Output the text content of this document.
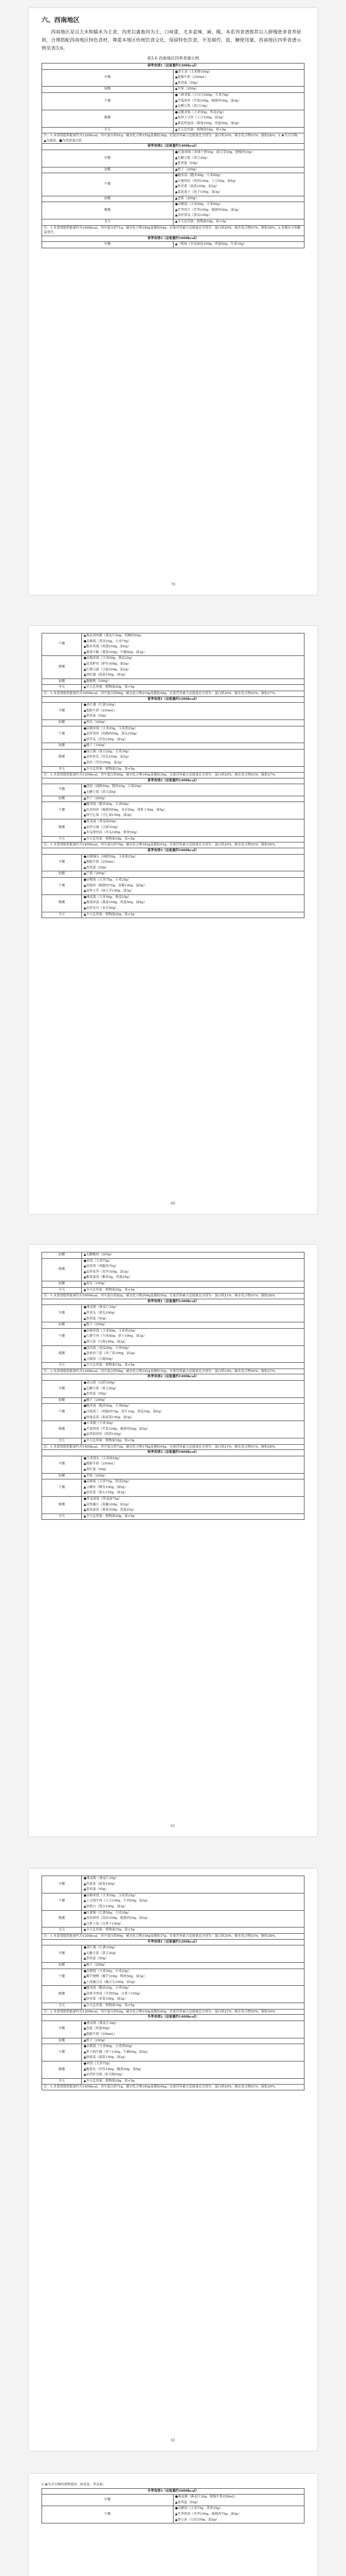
六、西南地区

西南地区是以大米和糯米为主食，肉类以禽畜肉为主，口味重，尤多姜辣、麻、酸。本系列食谱推荐以人群慢患者食养原则，合理搭配西南地区特色食材，尊重本地区传统饮食文化，保留特色饮食，开发制作，盐、糖使用量。西南地区四季食谱示例见表3.6。

表3.6 西南地区四季食谱示例
春季食谱1（总能量约1200kcal）	
早餐	●蒸玉米（玉米棒100g）
▲脱脂牛奶（250mL）
▲煮鸡蛋（50g）

加餐	▲苹果（200g）

午餐	●三鲜米饭（小白豆200g，大米70g）
▲芹菜肉丝（芹菜100g，瘦猪肉50g，油3g）
▲无糖豆浆（黄豆10g）

晚餐	●杂粮米饭（大米50g，荞麦25g）
▲炝炒土豆丝（土豆100g，油3g）
▲番茄鸡蛋汤（番茄100g，鸡蛋50g，油3g）

全天	▲全天总用量：植物油16g，盐<5g

注：1.本食谱提供能量约为1200kcal，其中蛋白质61g，碳水化合物155g及脂肪38g；宏量营养素占总能量比分别为：蛋白质20%，碳水化合物53%，脂肪28%。2.★为全谷物；▲为蔬菜；■为优质蛋白质。	
春季食谱2（总能量约1400kcal）	
早餐	●红油米线（米线干重50g，绿豆芽50g，猪瘦肉10g）
▲无糖豆浆（黄豆20g）
▲煮鸡蛋（50g）

加餐	▲橙子（200g）

午餐	●糙米饭（糙米40g，大米60g）
▲红烧鸡块（鸡肉100g，土豆50g，油5g）
▲炒青菜（油菜100g，油3g）
▲蒜泥茄子（茄子100g，油3g）

加餐	▲香蕉（200g）

晚餐	●杂粮饭（小米40g，大米60g）
▲竹笋肉片（竹笋100g，瘦猪肉50g，油3g）
▲凉拌黄瓜（黄瓜100g）

全天	▲全天总用量：植物油18g，盐<5g

注：1.本食谱提供能量约为1400kcal，其中蛋白质71g，碳水化合物180g及脂肪44g；宏量营养素占总能量比分别为：蛋白质20%，碳水化合物51%，脂肪28%。2.本地区可用酸菜替代。	
春季食谱3（总能量约1600kcal）	
早餐	▲三明治（全麦面包100g，鸡蛋50g，生菜10g）
79
午餐	▲燕麦鸡肉粥（燕麦片50g，鸡胸肉50g）
●杂粮饭（黑米25g，大米75g）
▲糯米鸡翅（鸡翅100g，油5g）
▲番茄牛腩（番茄100g，牛腩50g，油3g）

晚餐	●杂粮米饭（大米50g，燕麦25g）
▲清蒸鲈鱼（鲈鱼100g，油3g）
▲红烧豆腐（豆腐100g，油3g）
▲炒时蔬（菠菜150g，油3g）

加餐	▲猕猴桃（200g）

全天	▲全天总用量：植物油20g，盐<5g

注：1.本食谱提供能量约为1600kcal，其中蛋白质80g，碳水化合物210g及脂肪48g；宏量营养素占总能量比分别为：蛋白质20%，碳水化合物52%，脂肪27%。	
夏季食谱1（总能量约1200kcal）	
早餐	●蒸红薯（红薯100g）
▲脱脂牛奶（250mL）
▲煮鸡蛋（50g）

加餐	▲西瓜（200g）

午餐	●杂粮米饭（大米45g，玉米渣25g）
▲凉拌鸡丝（鸡胸肉50g，黄瓜100g）
▲炒苦瓜（苦瓜100g，油3g）

加餐	▲桃子（100g）

晚餐	●绿豆粥（绿豆20g，大米30g）
▲清炒丝瓜（丝瓜100g，油3g）
▲蒸鱼（草鱼100g，油3g）

全天	▲全天总用量：植物油15g，盐<5g

注：1.本食谱提供能量约为1200kcal，其中蛋白质60g，碳水化合物160g及脂肪36g；宏量营养素占总能量比分别为：蛋白质20%，碳水化合物53%，脂肪27%。	
夏季食谱2（总能量约1400kcal）	
早餐	●蒸饺（面粉50g，猪肉25g，白菜50g）
▲无糖豆浆（黄豆20g）

加餐	▲李子（200g）

午餐	●糙米饭（糙米40g，大米60g）
▲鱼香肉丝（瘦猪肉50g，木耳50g，胡萝卜50g，油5g）
▲炒空心菜（空心菜150g，油3g）

晚餐	●荞麦面（荞麦面50g）
▲凉拌豆腐（豆腐100g）
▲冬瓜排骨汤（冬瓜100g，排骨50g）

全天	▲全天总用量：植物油18g，盐<5g

注：1.本食谱提供能量约为1400kcal，其中蛋白质70g，碳水化合物182g及脂肪43g；宏量营养素占总能量比分别为：蛋白质20%，碳水化合物52%，脂肪28%。	
夏季食谱3（总能量约1600kcal）	
早餐	●杂粮馒头（面粉50g，玉米面25g）
▲脱脂牛奶（250mL）
▲煮鸡蛋（50g）

加餐	▲芒果（200g）

午餐	●杂粮饭（大米75g，小米25g）
▲回锅肉（瘦猪肉75g，青椒100g，油5g）
▲清炒豆芽（绿豆芽100g，油3g）

晚餐	●燕麦饭（大米50g，燕麦25g）
▲番茄炒蛋（番茄100g，鸡蛋50g，油5g）
▲凉拌木耳（木耳50g）

全天	▲全天总用量：植物油20g，盐<5g
80
加餐	▲无糖酸奶（200g）

晚餐	●米饭（大米75g）
▲清蒸鸡（鸡腿肉75g）
▲凉拌莴笋（莴笋100g，油3g）
▲紫菜蛋汤（紫菜5g，鸡蛋25g）

加餐	▲黄瓜（100g）

全天	▲全天总用量：植物油20g，盐<5g

注：1.本食谱提供能量约为1600kcal，其中蛋白质82g，碳水化合物206g及脂肪50g；宏量营养素占总能量比分别为：蛋白质21%，碳水化合物51%，脂肪28%。	
秋季食谱1（总能量约1200kcal）	
早餐	●燕麦粥（燕麦片30g）
▲拌黄瓜（黄瓜100g）
▲煮鸡蛋（50g）

加餐	▲梨子（200g）

午餐	●杂粮米饭（大米50g，玉米渣25g）
▲红烧牛肉（牛肉50g，萝卜100g，油3g）
▲炒白菜（白菜100g，油3g）

晚餐	●南瓜饭（南瓜50g，大米50g）
▲清炒西兰花（西兰花100g，油3g）
▲豆腐汤（豆腐50g）

全天	▲全天总用量：植物油15g，盐<5g

注：1.本食谱提供能量约为1200kcal，其中蛋白质58g，碳水化合物162g及脂肪35g；宏量营养素占总能量比分别为：蛋白质19%，碳水化合物54%，脂肪27%。	
秋季食谱2（总能量约1400kcal）	
早餐	●蒸山药（山药100g）
▲无糖豆浆（黄豆20g）
▲煮鸡蛋（50g）

加餐	▲橘子（200g）

午餐	●糙米饭（糙米40g，大米60g）
▲宫保鸡丁（鸡胸肉75g，花生10g，黄瓜50g，油5g）
▲炒油麦菜（油麦菜150g，油3g）

晚餐	●小米粥（小米30g）
▲芹菜炒肉（芹菜100g，瘦猪肉50g，油3g）
▲凉拌海带丝（海带100g）

全天	▲全天总用量：植物油18g，盐<5g

注：1.本食谱提供能量约为1400kcal，其中蛋白质72g，碳水化合物178g及脂肪44g；宏量营养素占总能量比分别为：蛋白质21%，碳水化合物51%，脂肪28%。	
秋季食谱3（总能量约1600kcal）	
早餐	●玉米窝头（玉米面50g）
▲脱脂牛奶（250mL）
▲茶叶蛋（50g）

加餐	▲苹果（200g）

午餐	●杂粮饭（大米75g，黑米25g）
▲豆瓣鱼（鲤鱼100g，油5g）
▲炒青菜（菜心150g，油3g）

晚餐	●荞麦面条（荞麦面75g）
▲清炒藕片（莲藕100g，油3g）
▲番茄蛋汤（番茄100g，鸡蛋25g）

全天	▲全天总用量：植物油20g，盐<5g
81
早餐	●燕麦粥（燕麦片30g）
▲拌菠菜（菠菜100g）
▲煮鸡蛋（50g）

午餐	●杂粮米饭（大米50g，玉米渣25g）
▲土豆炖牛肉（土豆100g，牛肉50g，油3g）
▲炒莲白（莲白100g，油3g）

晚餐	●红薯粥（红薯50g，大米30g）
▲蒜苗炒肉（蒜苗100g，瘦猪肉25g，油3g）
▲白萝卜汤（白萝卜100g）

全天	▲全天总用量：植物油15g，盐<5g

注：1.本食谱提供能量约为1200kcal，其中蛋白质60g，碳水化合物158g及脂肪37g；宏量营养素占总能量比分别为：蛋白质20%，碳水化合物53%，脂肪28%。	
冬季食谱1（总能量约1200kcal）	
早餐	●蒸红薯（红薯100g）
▲无糖豆浆（黄豆20g）
▲煮鸡蛋（50g）

加餐	▲柚子（200g）

午餐	●杂粮饭（大米50g，小米25g）
▲魔芋烧鸭（魔芋100g，鸭肉50g，油3g）
▲上汤豌豆尖（豌豆尖100g，油3g）

晚餐	●糙米饭（糙米25g，大米50g）
▲清炖羊肉汤（羊肉50g，白萝卜100g）
▲炒青菜（青菜100g，油3g）

全天	▲全天总用量：植物油16g，盐<5g

注：1.本食谱提供能量约为1200kcal，其中蛋白质62g，碳水化合物150g及脂肪40g；宏量营养素占总能量比分别为：蛋白质21%，碳水化合物50%，脂肪30%。	
冬季食谱2（总能量约1400kcal）	
早餐	●燕麦粥（燕麦片30g）
▲蒸蛋（鸡蛋50g）
▲脱脂牛奶（250mL）

加餐	▲橙子（200g）

午餐	●杂粮饭（大米60g，玉米渣40g）
▲萝卜炖牛腩（萝卜100g，牛腩50g，油3g）
▲炒菠菜（菠菜150g，油3g）

晚餐	●米饭（大米75g）
▲酸菜鱼（草鱼100g，酸菜50g，油5g）
▲凉拌折耳根（折耳根50g）

全天	▲全天总用量：植物油18g，盐<5g

注：1.本食谱提供能量约为1400kcal，其中蛋白质71g，碳水化合物180g及脂肪45g；宏量营养素占总能量比分别为：蛋白质20%，碳水化合物51%，脂肪29%。	
82
2.★为全谷物的食物选择，如花卷、荞麦面。
冬季食谱3（总能量约1600kcal）	
早餐	●燕麦粥（燕麦片30g，脱脂牛奶250mL）
▲煮鸡蛋（50g）

午餐	●杂粮饭（大米75g，黑米25g）
▲冬笋炒肉（冬笋100g，瘦猪肉75g，油5g）
▲炒豆苗（豆苗150g，油3g）
